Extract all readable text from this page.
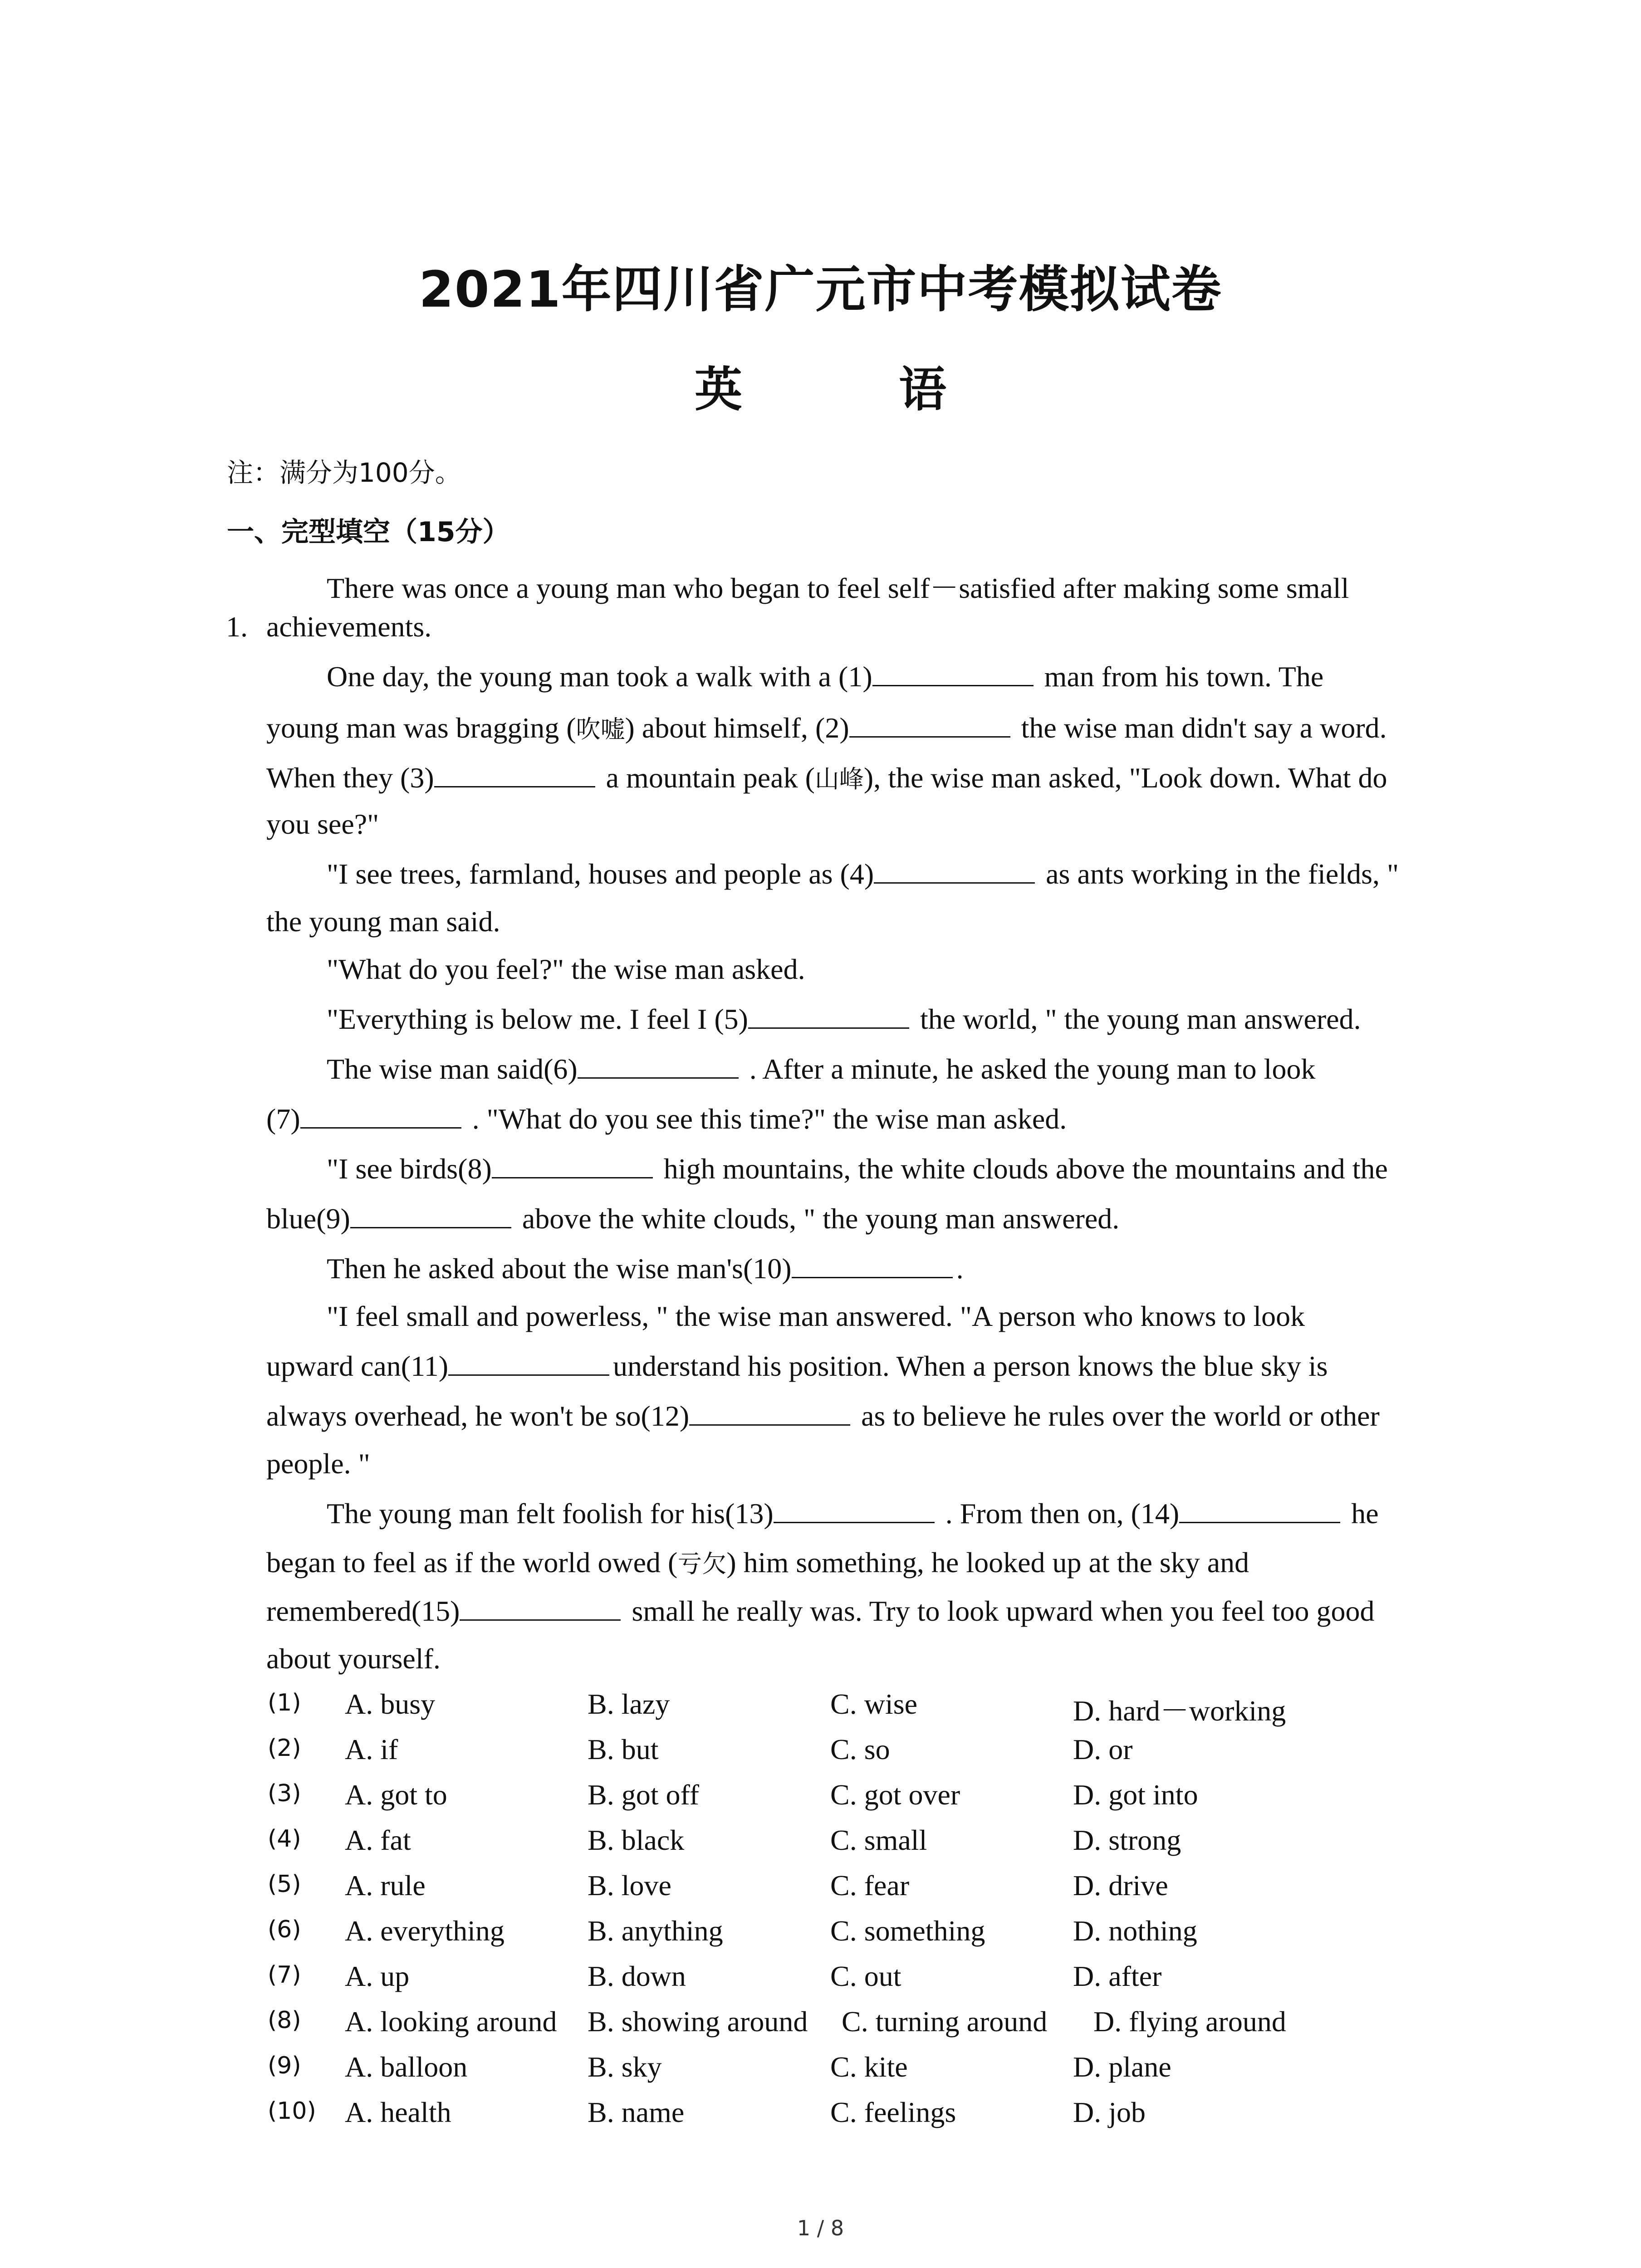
2021年四川省广元市中考模拟试卷
英　语
注：满分为100分。
一、完型填空（15分）
1.
There was once a young man who began to feel self－satisfied after making some small
achievements.
One day, the young man took a walk with a (1)	man from his town. The
young man was bragging (吹嘘) about himself, (2)	the wise man didn't say a word.
When they (3)	a mountain peak (山峰), the wise man asked, "Look down. What do
you see?"
"I see trees, farmland, houses and people as (4)	as ants working in the fields, "
the young man said.
"What do you feel?" the wise man asked.
"Everything is below me. I feel I (5)	the world, " the young man answered.
The wise man said(6)	. After a minute, he asked the young man to look
(7)	. "What do you see this time?" the wise man asked.
"I see birds(8)	high mountains, the white clouds above the mountains and the
blue(9)	above the white clouds, " the young man answered.
Then he asked about the wise man's(10)	.
"I feel small and powerless, " the wise man answered. "A person who knows to look
upward can(11)	understand his position. When a person knows the blue sky is
always overhead, he won't be so(12)	as to believe he rules over the world or other
people. "
The young man felt foolish for his(13)	. From then on, (14)	he
began to feel as if the world owed (亏欠) him something, he looked up at the sky and
remembered(15)	small he really was. Try to look upward when you feel too good
about yourself.
(1) A. busy	B. lazy	C. wise	D. hard－working
(2) A. if	B. but	C. so	D. or
(3) A. got to	B. got off	C. got over	D. got into
(4) A. fat	B. black	C. small	D. strong
(5) A. rule	B. love	C. fear	D. drive
(6) A. everything	B. anything	C. something	D. nothing
(7) A. up	B. down	C. out	D. after
(8) A. looking around B. showing around C. turning around D. flying around
(9) A. balloon	B. sky	C. kite	D. plane
(10) A. health	B. name	C. feelings	D. job
1 / 8
